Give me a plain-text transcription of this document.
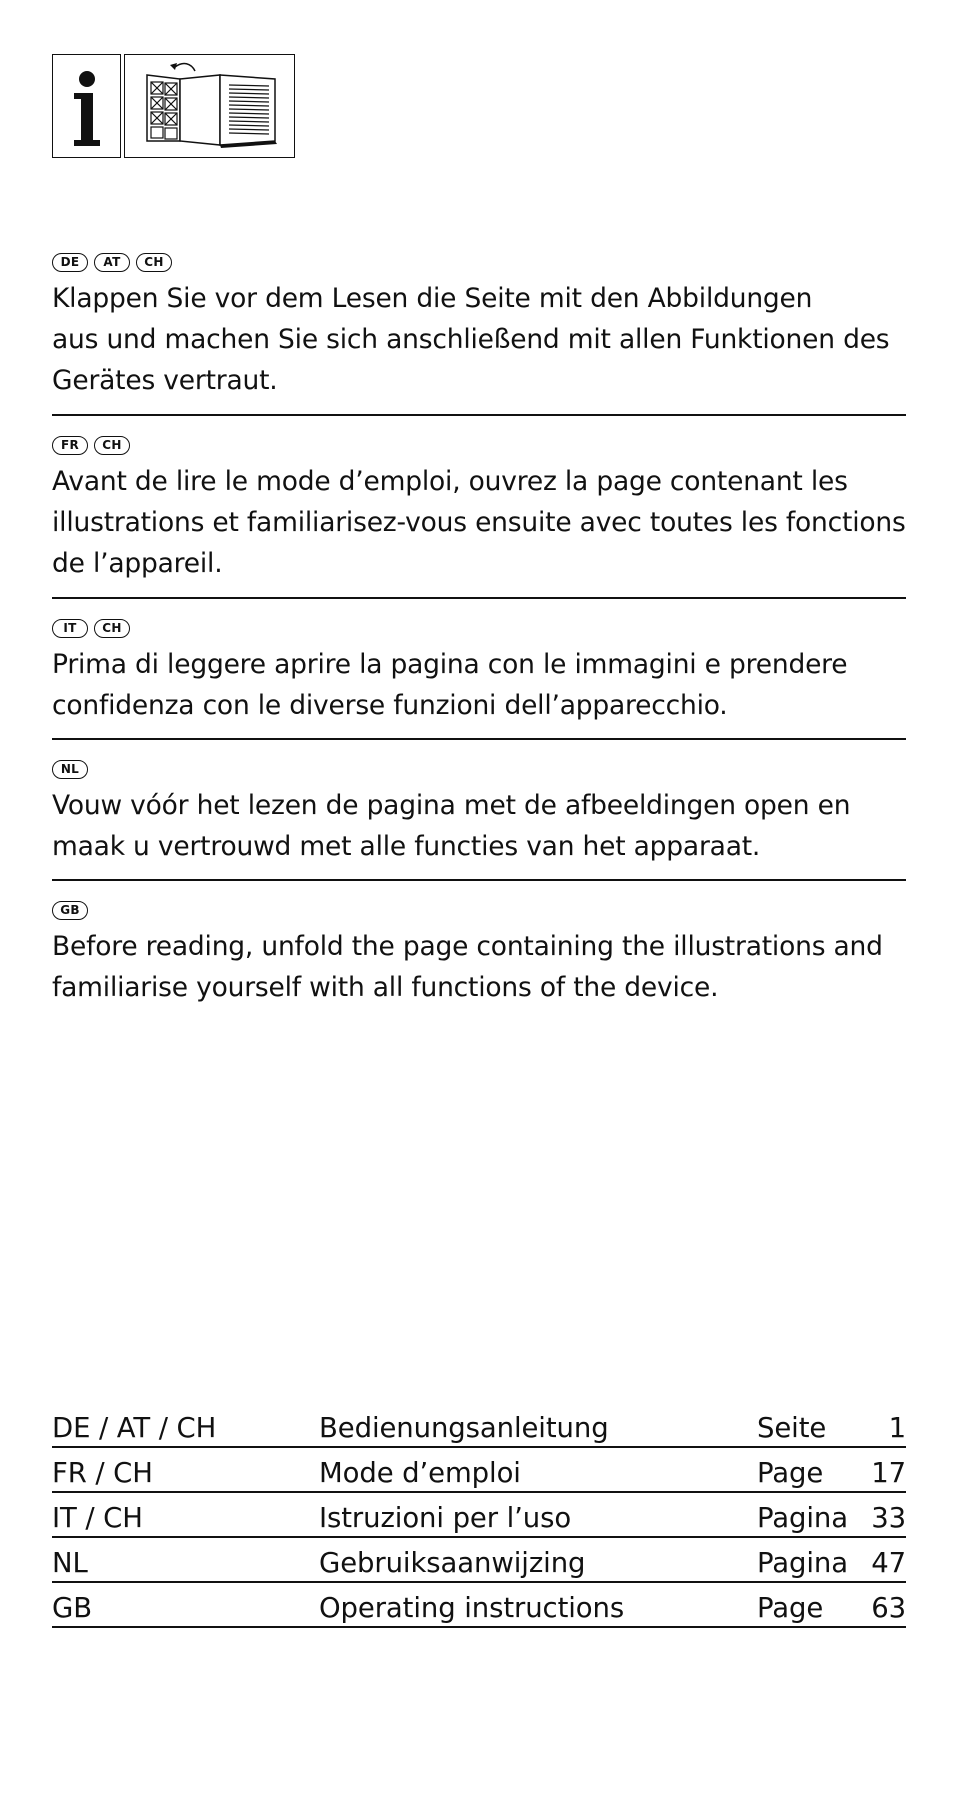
DE	AT	CH
Klappen Sie vor dem Lesen die Seite mit den Abbildungen
aus und machen Sie sich anschließend mit allen Funktionen des
Gerätes vertraut.
FR	CH
Avant de lire le mode d’emploi, ouvrez la page contenant les
illustrations et familiarisez-vous ensuite avec toutes les fonctions
de l’appareil.
IT	CH
Prima di leggere aprire la pagina con le immagini e prendere
confidenza con le diverse funzioni dell’apparecchio.
NL
Vouw vóór het lezen de pagina met de afbeeldingen open en
maak u vertrouwd met alle functies van het apparaat.
GB
Before reading, unfold the page containing the illustrations and
familiarise yourself with all functions of the device.
DE / AT / CH	Bedienungsanleitung	Seite	1
FR / CH	Mode d’emploi	Page	17
IT / CH	Istruzioni per l’uso	Pagina 33
NL	Gebruiksaanwijzing	Pagina 47
GB	Operating instructions	Page	63
